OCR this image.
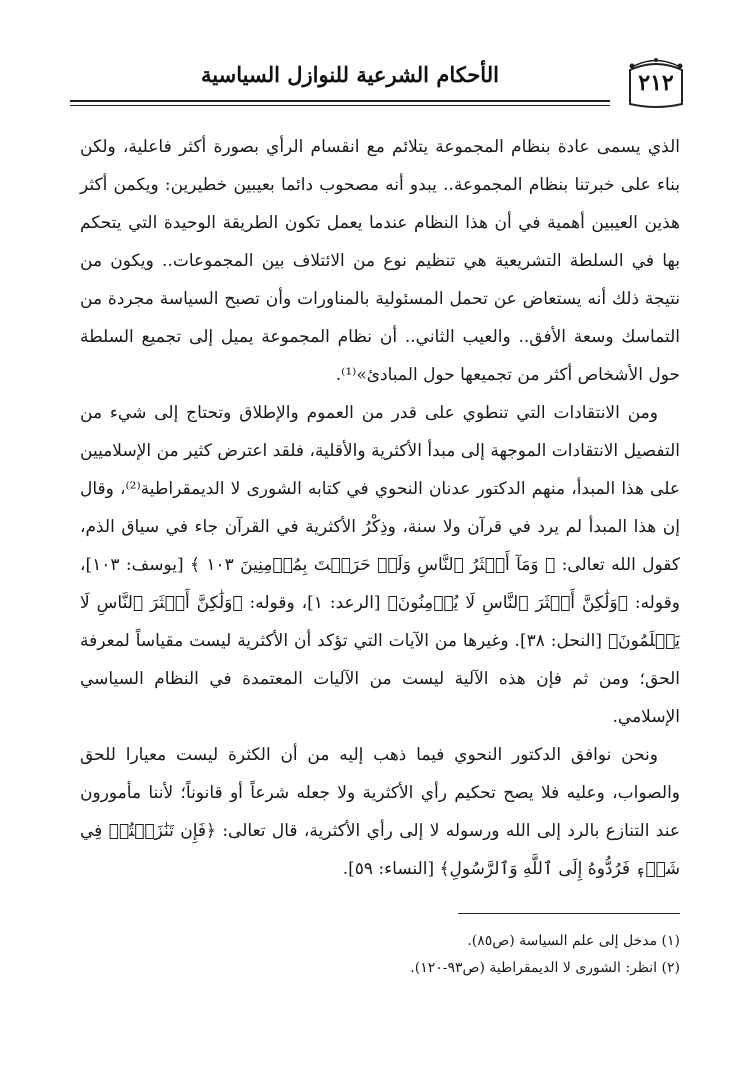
الأحكام الشرعية للنوازل السياسية	٢١٢

الذي يسمى عادة بنظام المجموعة يتلائم مع انقسام الرأي بصورة أكثر فاعلية، ولكن بناء على خبرتنا بنظام المجموعة.. يبدو أنه مصحوب دائما بعيبين خطيرين: ويكمن أكثر هذين العيبين أهمية في أن هذا النظام عندما يعمل تكون الطريقة الوحيدة التي يتحكم بها في السلطة التشريعية هي تنظيم نوع من الائتلاف بين المجموعات.. ويكون من نتيجة ذلك أنه يستعاض عن تحمل المسئولية بالمناورات وأن تصبح السياسة مجردة من التماسك وسعة الأفق.. والعيب الثاني.. أن نظام المجموعة يميل إلى تجميع السلطة حول الأشخاص أكثر من تجميعها حول المبادئ»⁽¹⁾.

ومن الانتقادات التي تنطوي على قدر من العموم والإطلاق وتحتاج إلى شيء من التفصيل الانتقادات الموجهة إلى مبدأ الأكثرية والأقلية، فلقد اعترض كثير من الإسلاميين على هذا المبدأ، منهم الدكتور عدنان النحوي في كتابه الشورى لا الديمقراطية⁽²⁾، وقال إن هذا المبدأ لم يرد في قرآن ولا سنة، وذِكْرُ الأكثرية في القرآن جاء في سياق الذم، كقول الله تعالى: ﴿ وَمَآ أَكۡثَرُ ٱلنَّاسِ وَلَوۡ حَرَصۡتَ بِمُؤۡمِنِينَ ١٠٣ ﴾ [يوسف: ١٠٣]، وقوله: ﴿وَلَٰكِنَّ أَكۡثَرَ ٱلنَّاسِ لَا يُؤۡمِنُونَ﴾ [الرعد: ١]، وقوله: ﴿وَلَٰكِنَّ أَكۡثَرَ ٱلنَّاسِ لَا يَعۡلَمُونَ﴾ [النحل: ٣٨]. وغيرها من الآيات التي تؤكد أن الأكثرية ليست مقياساً لمعرفة الحق؛ ومن ثم فإن هذه الآلية ليست من الآليات المعتمدة في النظام السياسي الإسلامي.

ونحن نوافق الدكتور النحوي فيما ذهب إليه من أن الكثرة ليست معيارا للحق والصواب، وعليه فلا يصح تحكيم رأي الأكثرية ولا جعله شرعاً أو قانوناً؛ لأننا مأمورون عند التنازع بالرد إلى الله ورسوله لا إلى رأي الأكثرية، قال تعالى: ﴿فَإِن تَنَٰزَعۡتُمۡ فِي شَيۡءٖ فَرُدُّوهُ إِلَى ٱللَّهِ وَٱلرَّسُولِ﴾ [النساء: ٥٩].

(١) مدخل إلى علم السياسة (ص٨٥).

(٢) انظر: الشورى لا الديمقراطية (ص٩٣-١٢٠).
